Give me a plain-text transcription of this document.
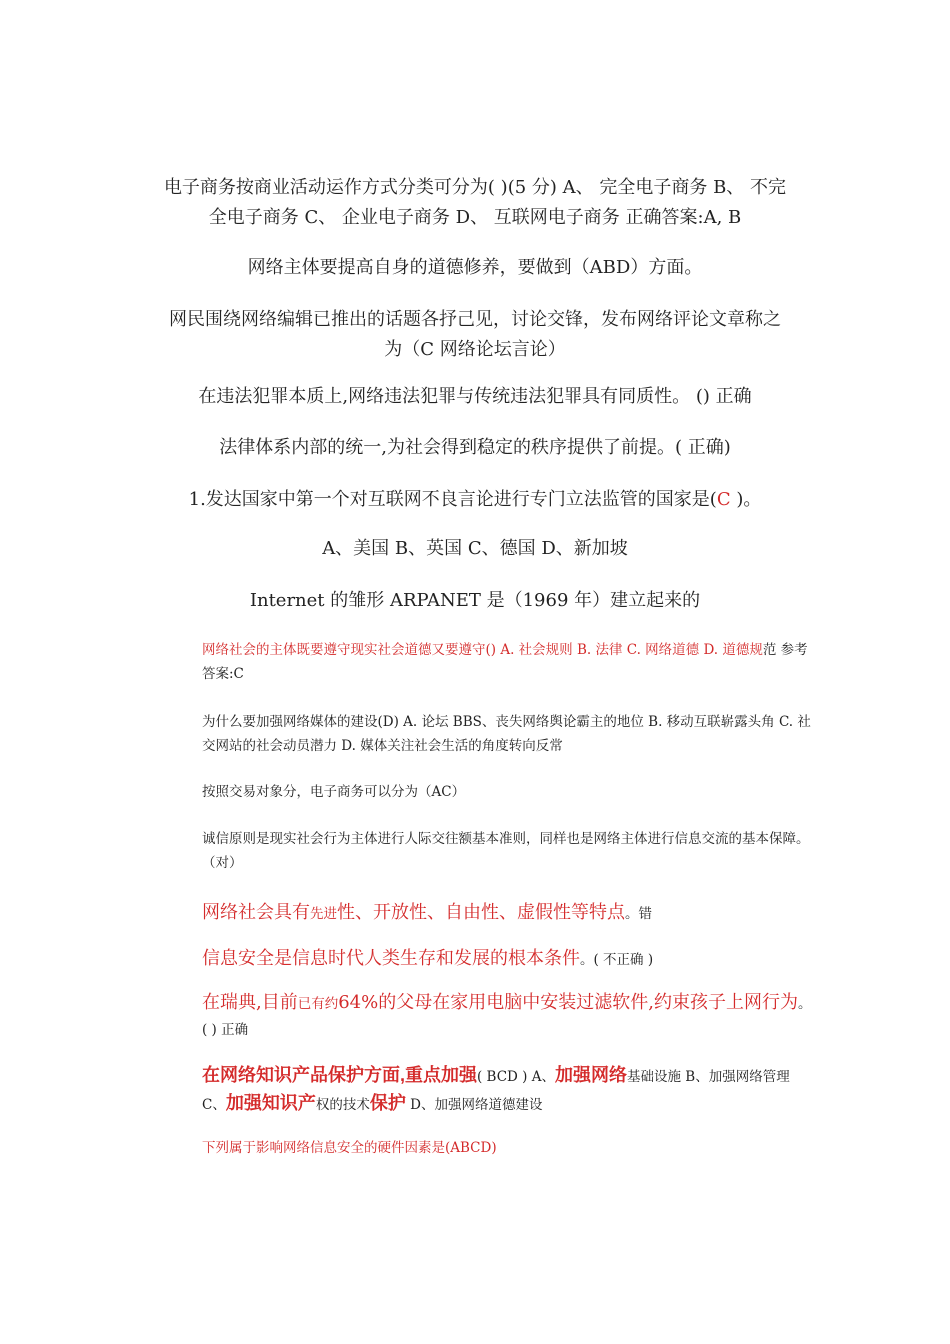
电子商务按商业活动运作方式分类可分为( )(5 分) A、 完全电子商务 B、 不完
全电子商务 C、 企业电子商务 D、 互联网电子商务 正确答案:A, B
网络主体要提高自身的道德修养，要做到（ABD）方面。
网民围绕网络编辑已推出的话题各抒己见，讨论交锋，发布网络评论文章称之
为（C 网络论坛言论）
在违法犯罪本质上,网络违法犯罪与传统违法犯罪具有同质性。 () 正确
法律体系内部的统一,为社会得到稳定的秩序提供了前提。( 正确)
1.发达国家中第一个对互联网不良言论进行专门立法监管的国家是(C )。
A、美国 B、英国 C、德国 D、新加坡
Internet 的雏形 ARPANET 是（1969 年）建立起来的
网络社会的主体既要遵守现实社会道德又要遵守() A. 社会规则 B. 法律 C. 网络道德 D. 道德规范 参考答案:C
为什么要加强网络媒体的建设(D) A. 论坛 BBS、丧失网络舆论霸主的地位 B. 移动互联崭露头角 C. 社交网站的社会动员潜力 D. 媒体关注社会生活的角度转向反常
按照交易对象分，电子商务可以分为（AC）
诚信原则是现实社会行为主体进行人际交往额基本准则，同样也是网络主体进行信息交流的基本保障。（对）
网络社会具有先进性、开放性、自由性、虚假性等特点。错
信息安全是信息时代人类生存和发展的根本条件。( 不正确 )
在瑞典,目前已有约64%的父母在家用电脑中安装过滤软件,约束孩子上网行为。( ) 正确
在网络知识产品保护方面,重点加强( BCD ) A、加强网络基础设施 B、加强网络管理 C、加强知识产权的技术保护 D、加强网络道德建设
下列属于影响网络信息安全的硬件因素是(ABCD)
